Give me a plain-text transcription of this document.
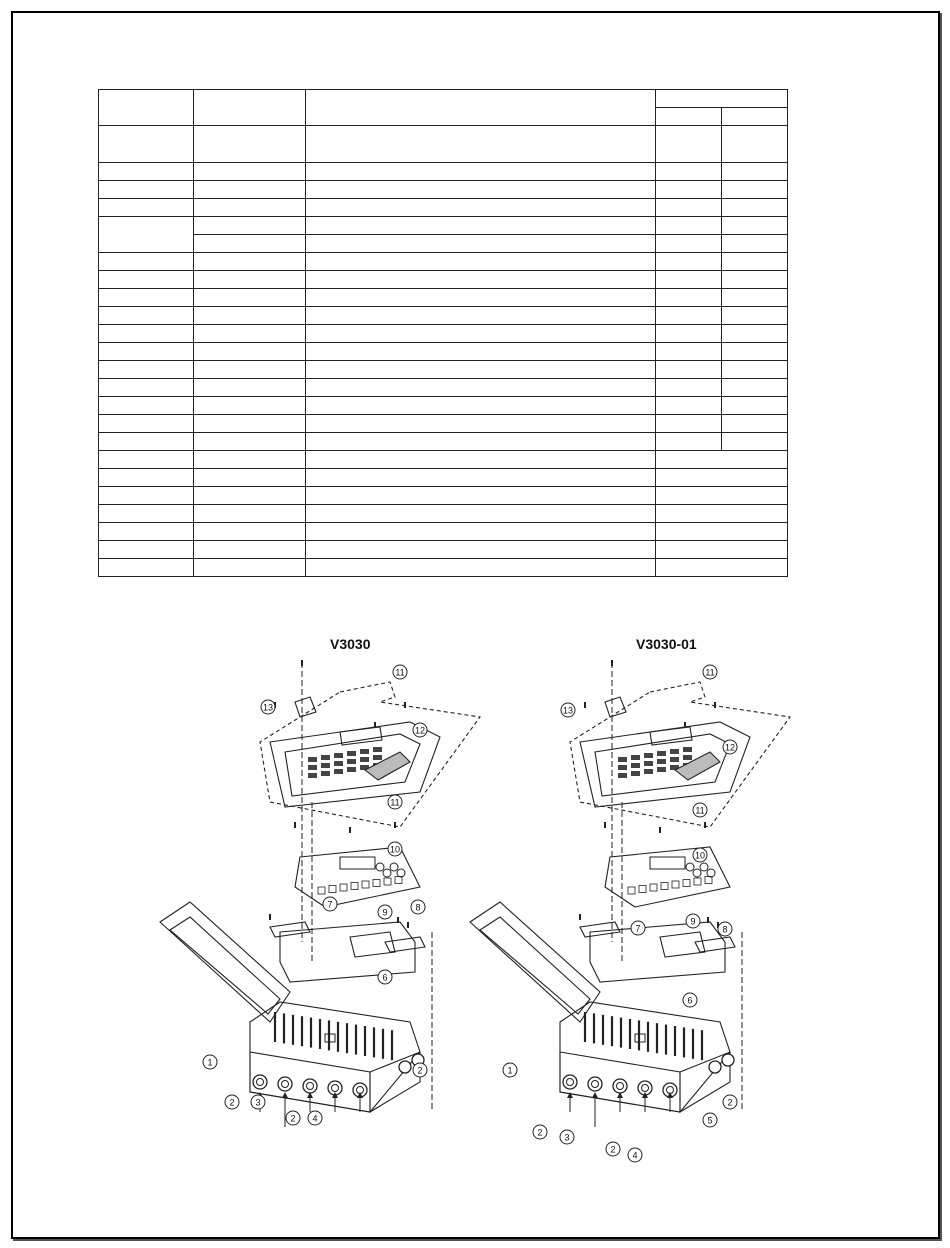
V3030	V3030-01
1
2 3
2 4
2
6
7	8
9
10
11
11
12
13
1
2 3
2
4
2
5
6
7	8
9
10
11
11
12
13
